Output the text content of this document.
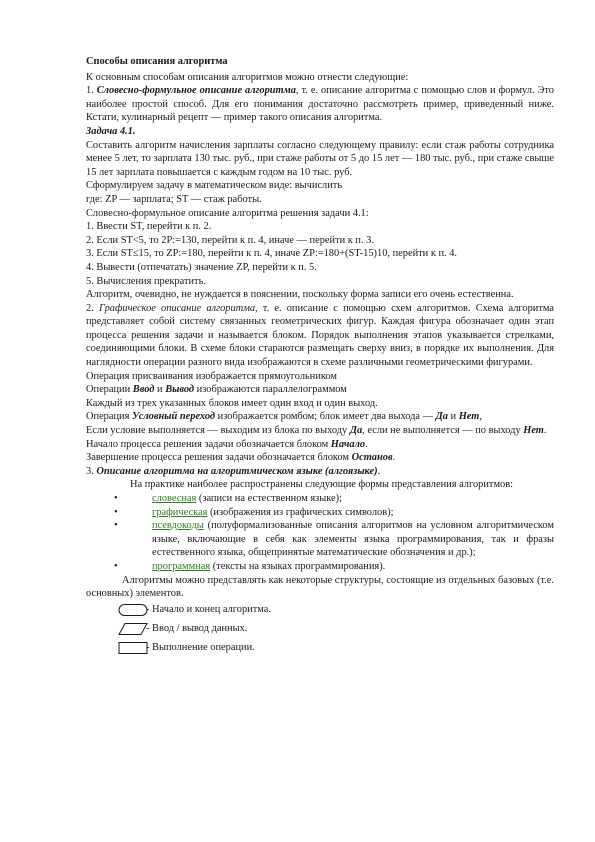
Способы описания алгоритма

К основным способам описания алгоритмов можно отнести следующие:

1. Словесно-формульное описание алгоритма, т. е. описание алгоритма с помощью слов и формул. Это наиболее простой способ. Для его понимания достаточно рассмотреть пример, приведенный ниже. Кстати, кулинарный рецепт — пример такого описания алгоритма.

Задача 4.1.

Составить алгоритм начисления зарплаты согласно следующему правилу: если стаж работы сотрудника менее 5 лет, то зарплата 130 тыс. руб., при стаже работы от 5 до 15 лет — 180 тыс. руб., при стаже свыше 15 лет зарплата повышается с каждым годом на 10 тыс. руб.

Сформулируем задачу в математическом виде: вычислить

где: ZP — зарплата; ST — стаж работы.

Словесно-формульное описание алгоритма решения задачи 4.1:

1. Ввести ST, перейти к п. 2.

2. Если ST<5, то 2P:=130, перейти к п. 4, иначе — перейти к п. 3.

3. Если ST≤15, то ZP:=180, перейти к п. 4, иначе ZP:=180+(ST-15)10, перейти к п. 4.

4. Вывести (отпечатать) значение ZP, перейти к п. 5.

5. Вычисления прекратить.

Алгоритм, очевидно, не нуждается в пояснении, поскольку форма записи его очень естественна.

2. Графическое описание алгоритма, т. е. описание с помощью схем алгоритмов. Схема алгоритма представляет собой систему связанных геометрических фигур. Каждая фигура обозначает один этап процесса решения задачи и называется блоком. Порядок выполнения этапов указывается стрелками, соединяющими блоки. В схеме блоки стараются размещать сверху вниз, в порядке их выполнения. Для наглядности операции разного вида изображаются в схеме различными геометрическими фигурами.

Операция присваивания изображается прямоугольником

Операции Ввод и Вывод изображаются параллелограммом

Каждый из трех указанных блоков имеет один вход и один выход.

Операция Условный переход изображается ромбом; блок имеет два выхода — Да и Нет,

Если условие выполняется — выходим из блока по выходу Да, если не выполняется — по выходу Нет.

Начало процесса решения задачи обозначается блоком Начало.

Завершение процесса решения задачи обозначается блоком Останов.

3. Описание алгоритма на алгоритмическом языке (алгоязыке).

На практике наиболее распространены следующие формы представления алгоритмов:

•	словесная (записи на естественном языке);
•	графическая (изображения из графических символов);
•	псевдокоды (полуформализованные описания алгоритмов на условном алгоритмическом языке, включающие в себя как элементы языка программирования, так и фразы естественного языка, общепринятые математические обозначения и др.);
•	программная (тексты на языках программирования).

Алгоритмы можно представлять как некоторые структуры, состоящие из отдельных базовых (т.е. основных) элементов.

- Начало и конец алгоритма.
- Ввод / вывод данных.
- Выполнение операции.
